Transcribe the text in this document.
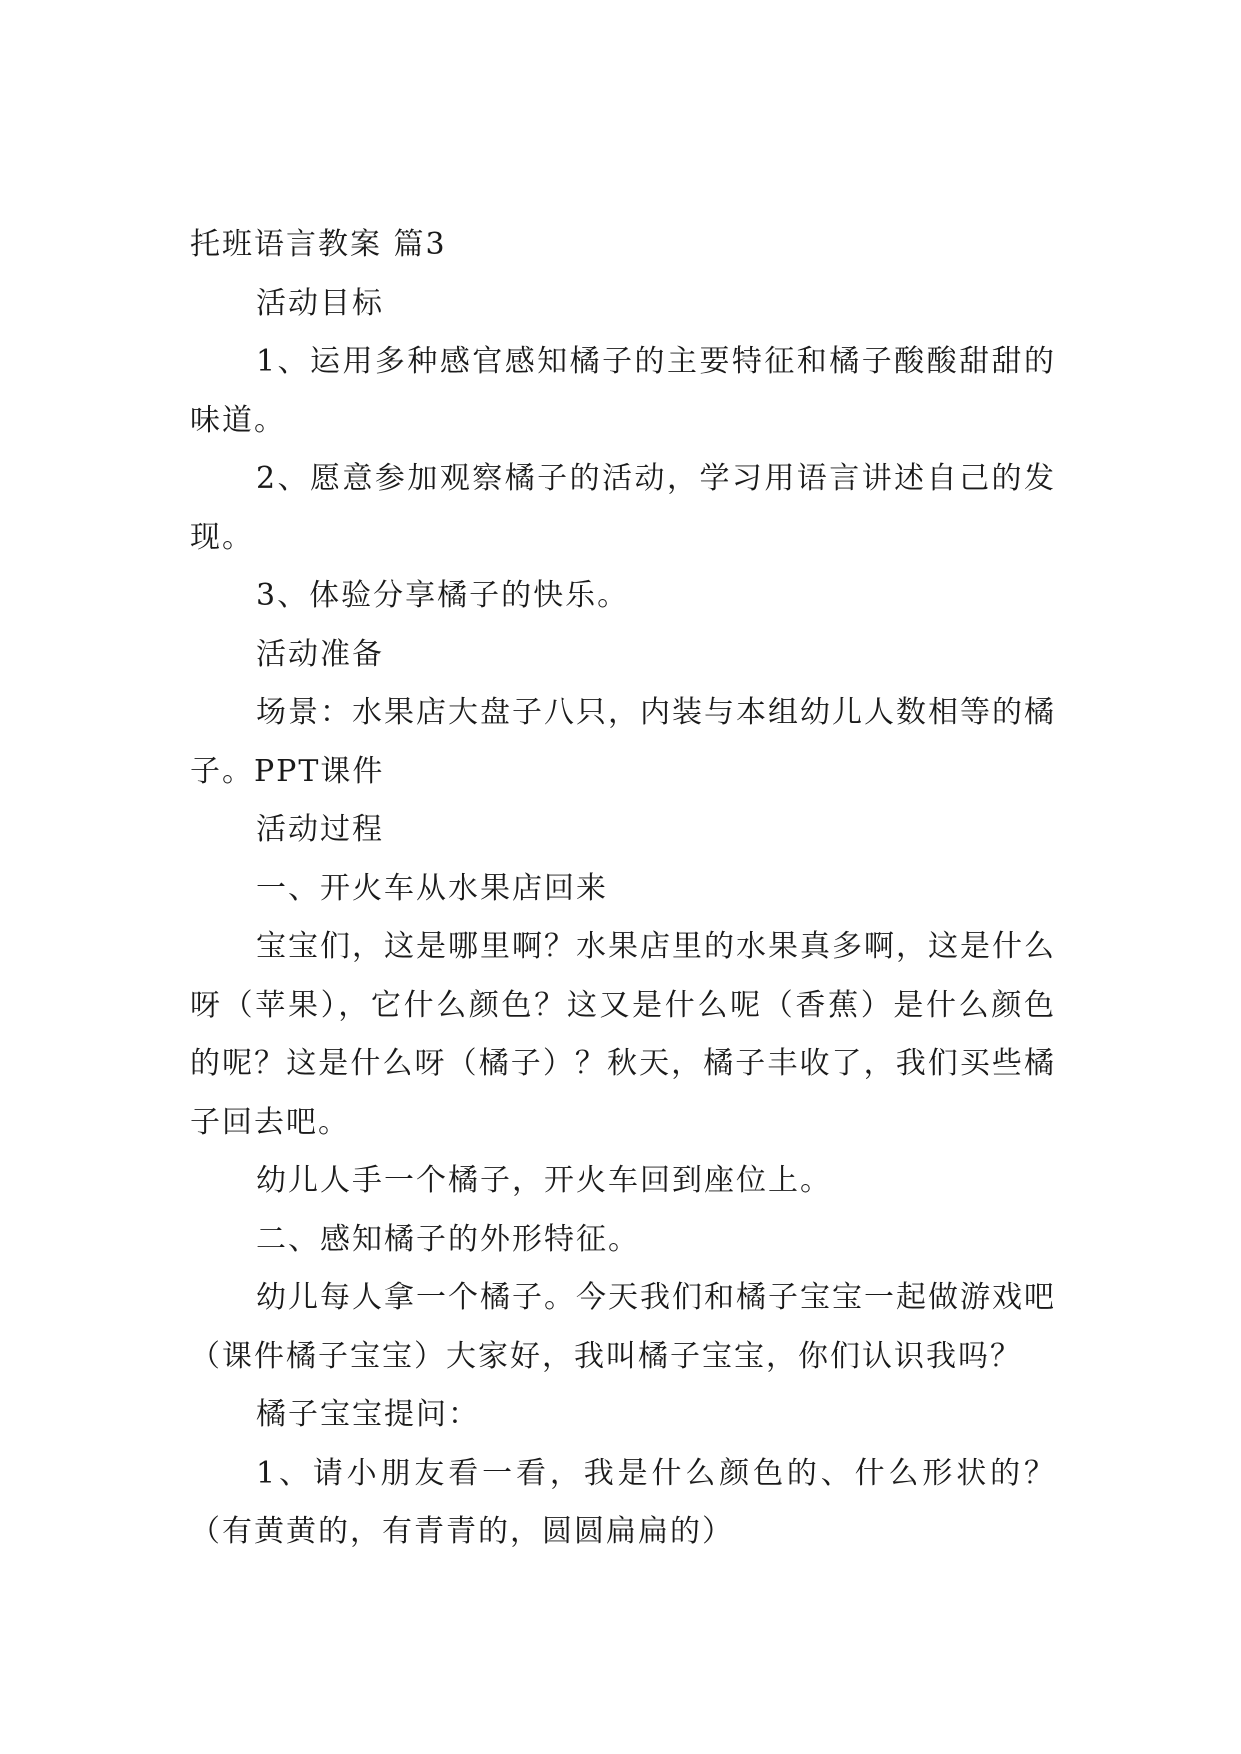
托班语言教案 篇3

活动目标

1、运用多种感官感知橘子的主要特征和橘子酸酸甜甜的味道。

2、愿意参加观察橘子的活动，学习用语言讲述自己的发现。

3、体验分享橘子的快乐。

活动准备

场景：水果店大盘子八只，内装与本组幼儿人数相等的橘子。PPT课件

活动过程

一、开火车从水果店回来

宝宝们，这是哪里啊？水果店里的水果真多啊，这是什么呀（苹果），它什么颜色？这又是什么呢（香蕉）是什么颜色的呢？这是什么呀（橘子）？秋天，橘子丰收了，我们买些橘子回去吧。

幼儿人手一个橘子，开火车回到座位上。

二、感知橘子的外形特征。

幼儿每人拿一个橘子。今天我们和橘子宝宝一起做游戏吧（课件橘子宝宝）大家好，我叫橘子宝宝，你们认识我吗？

橘子宝宝提问：

1、请小朋友看一看，我是什么颜色的、什么形状的？（有黄黄的，有青青的，圆圆扁扁的）
